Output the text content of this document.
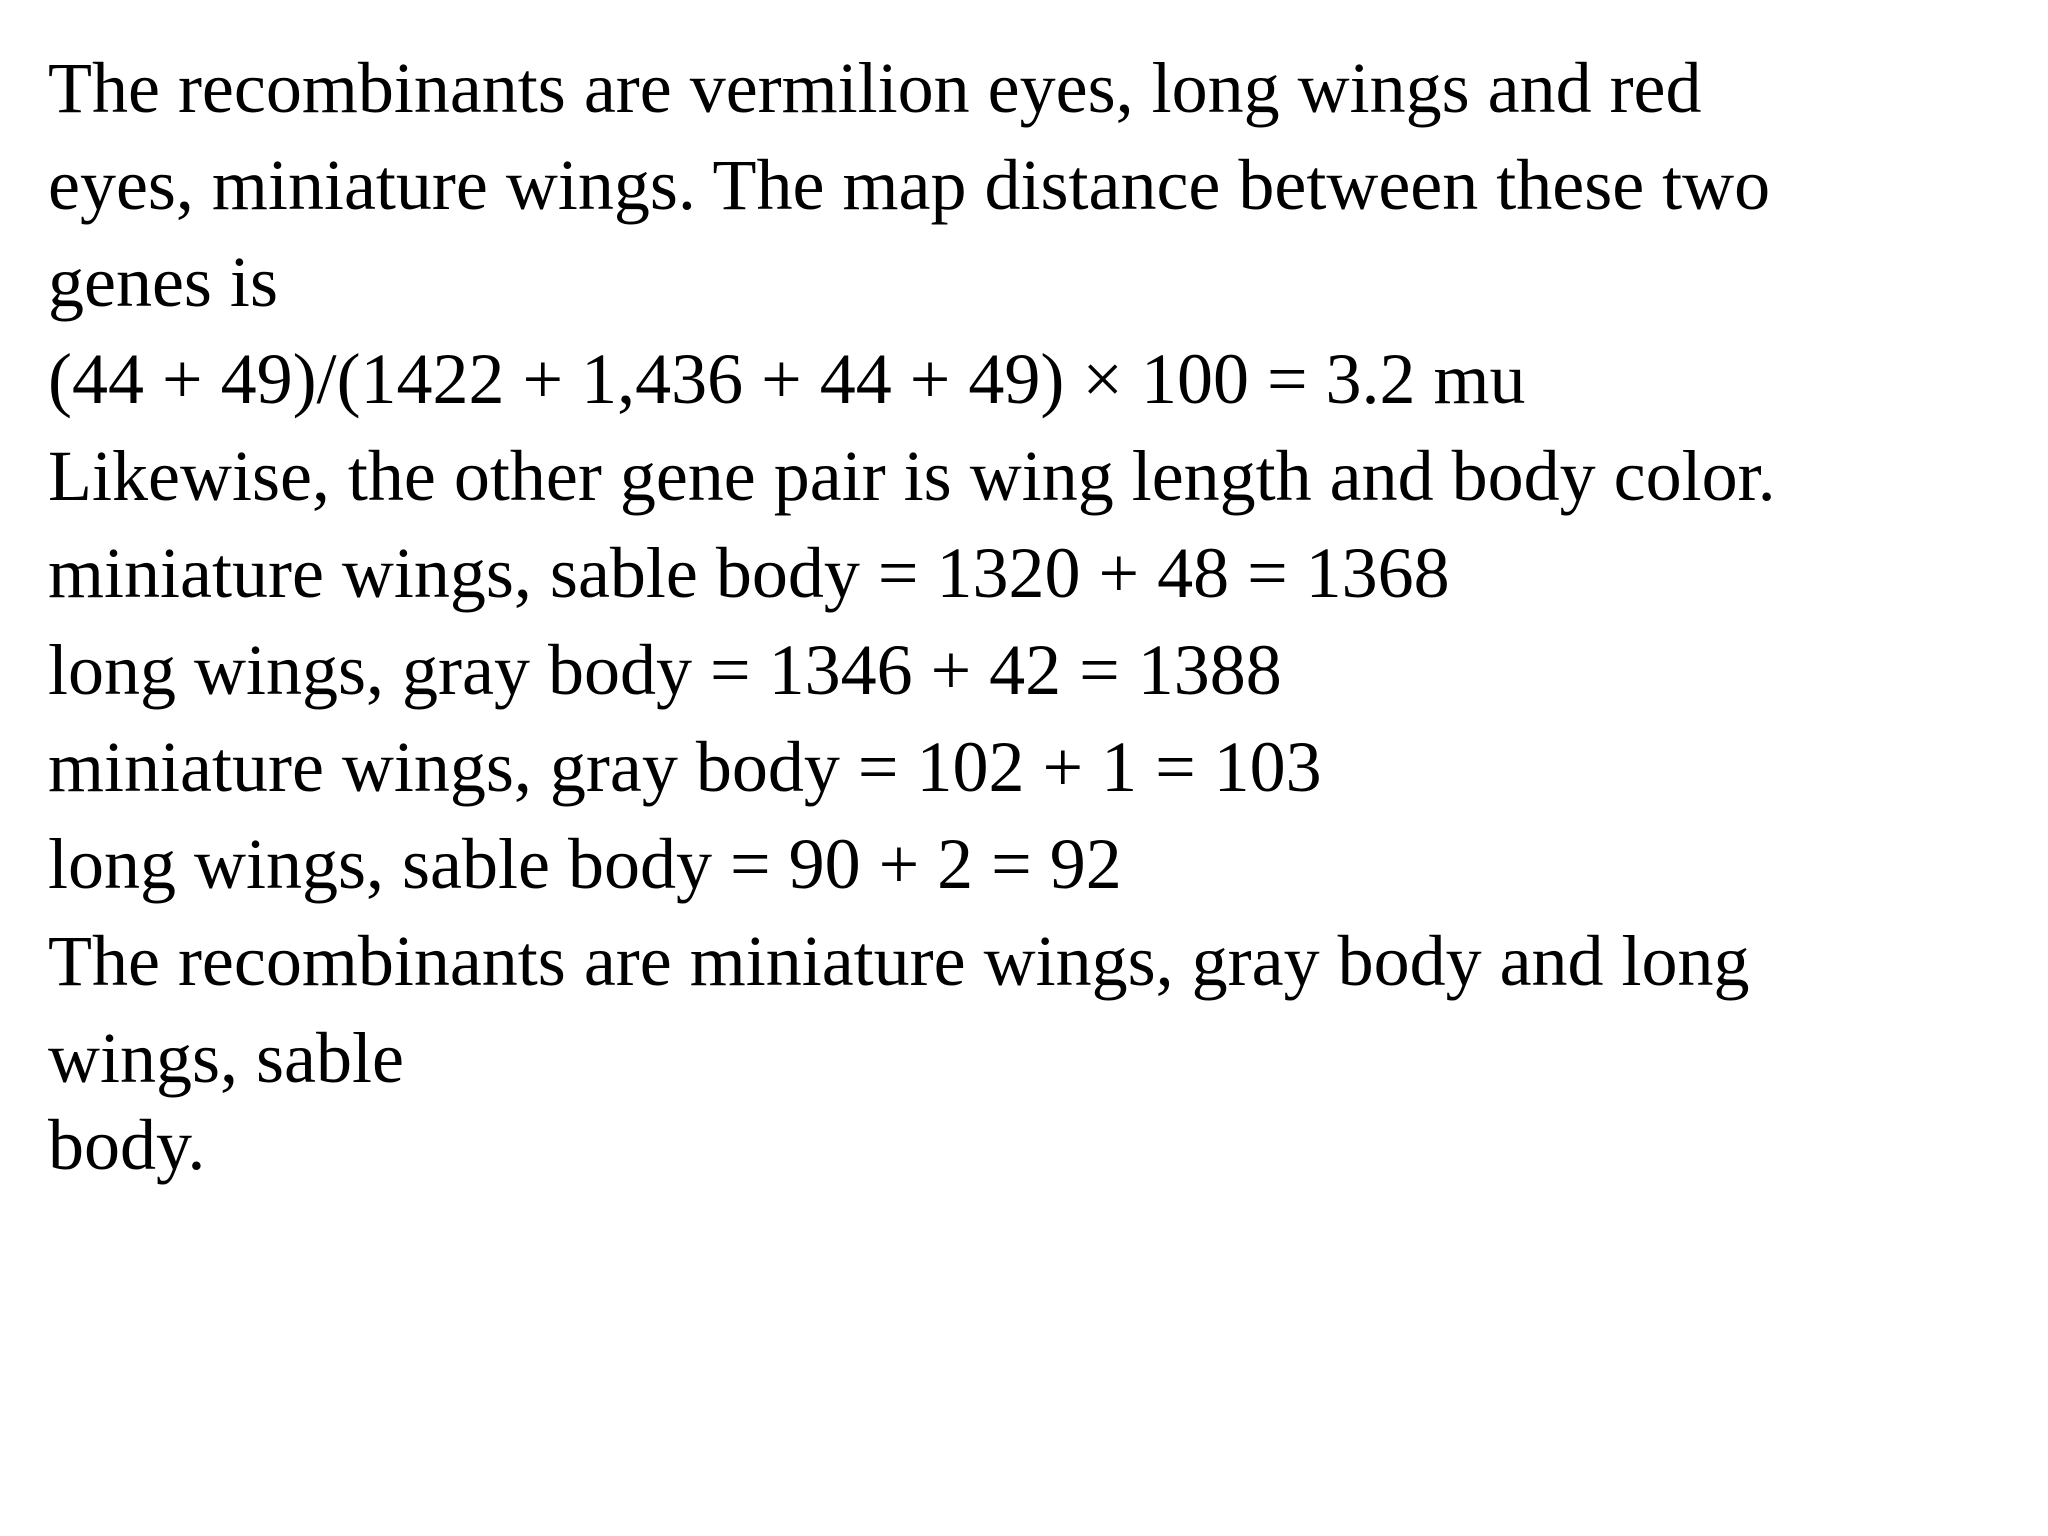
The recombinants are vermilion eyes, long wings and red
eyes, miniature wings. The map distance between these two
genes is
(44 + 49)/(1422 + 1,436 + 44 + 49) × 100 = 3.2 mu
Likewise, the other gene pair is wing length and body color.
miniature wings, sable body = 1320 + 48 = 1368
long wings, gray body = 1346 + 42 = 1388
miniature wings, gray body = 102 + 1 = 103
long wings, sable body = 90 + 2 = 92
The recombinants are miniature wings, gray body and long
wings, sable
body.
